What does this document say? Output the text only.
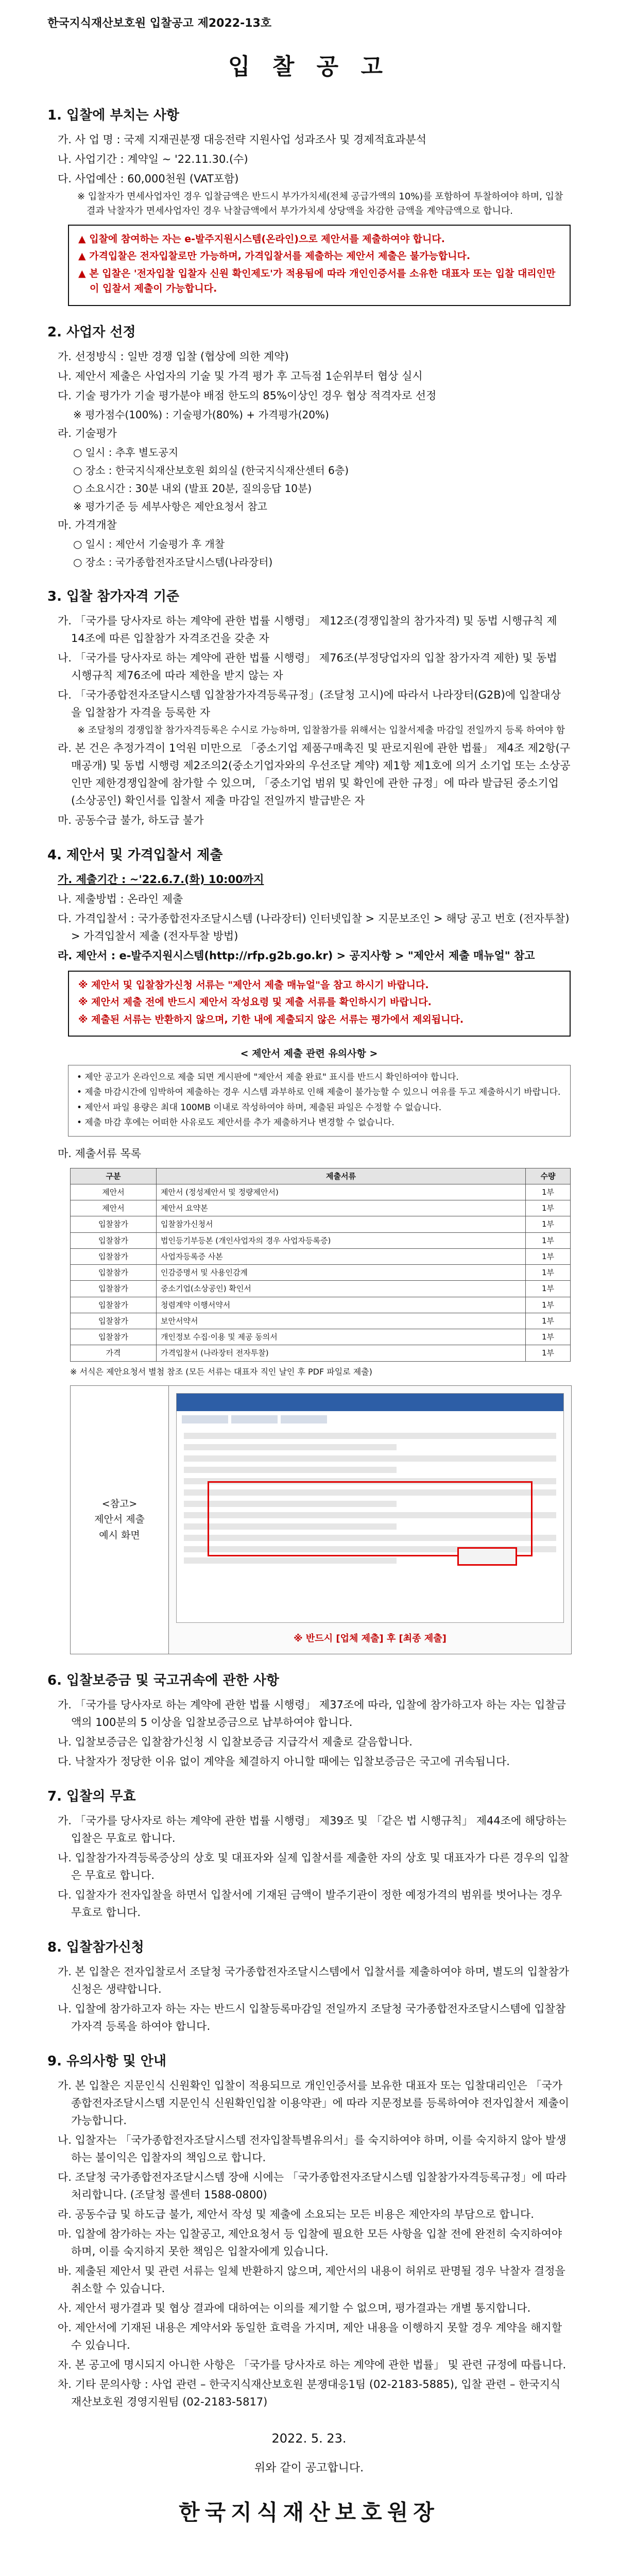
한국지식재산보호원 입찰공고 제2022-13호
입 찰 공 고
1. 입찰에 부치는 사항
가. 사 업 명 : 국제 지재권분쟁 대응전략 지원사업 성과조사 및 경제적효과분석
나. 사업기간 : 계약일 ~ '22.11.30.(수)
다. 사업예산 : 60,000천원 (VAT포함)
※ 입찰자가 면세사업자인 경우 입찰금액은 반드시 부가가치세(전체 공급가액의 10%)를 포함하여 투찰하여야 하며, 입찰결과 낙찰자가 면세사업자인 경우 낙찰금액에서 부가가치세 상당액을 차감한 금액을 계약금액으로 합니다.
▲ 입찰에 참여하는 자는 e-발주지원시스템(온라인)으로 제안서를 제출하여야 합니다.
▲ 가격입찰은 전자입찰로만 가능하며, 가격입찰서를 제출하는 제안서 제출은 불가능합니다.
▲ 본 입찰은 '전자입찰 입찰자 신원 확인제도'가 적용됨에 따라 개인인증서를 소유한 대표자 또는 입찰 대리인만이 입찰서 제출이 가능합니다.
2. 사업자 선정
가. 선정방식 : 일반 경쟁 입찰 (협상에 의한 계약)
나. 제안서 제출은 사업자의 기술 및 가격 평가 후 고득점 1순위부터 협상 실시
다. 기술 평가가 기술 평가분야 배점 한도의 85%이상인 경우 협상 적격자로 선정
※ 평가점수(100%) : 기술평가(80%) + 가격평가(20%)
라. 기술평가
○ 일시 : 추후 별도공지
○ 장소 : 한국지식재산보호원 회의실 (한국지식재산센터 6층)
○ 소요시간 : 30분 내외 (발표 20분, 질의응답 10분)
※ 평가기준 등 세부사항은 제안요청서 참고
마. 가격개찰
○ 일시 : 제안서 기술평가 후 개찰
○ 장소 : 국가종합전자조달시스템(나라장터)
3. 입찰 참가자격 기준
가. 「국가를 당사자로 하는 계약에 관한 법률 시행령」 제12조(경쟁입찰의 참가자격) 및 동법 시행규칙 제14조에 따른 입찰참가 자격조건을 갖춘 자
나. 「국가를 당사자로 하는 계약에 관한 법률 시행령」 제76조(부정당업자의 입찰 참가자격 제한) 및 동법 시행규칙 제76조에 따라 제한을 받지 않는 자
다. 「국가종합전자조달시스템 입찰참가자격등록규정」(조달청 고시)에 따라서 나라장터(G2B)에 입찰대상을 입찰참가 자격을 등록한 자
※ 조달청의 경쟁입찰 참가자격등록은 수시로 가능하며, 입찰참가를 위해서는 입찰서제출 마감일 전일까지 등록 하여야 함
라. 본 건은 추정가격이 1억원 미만으로 「중소기업 제품구매촉진 및 판로지원에 관한 법률」 제4조 제2항(구매공개) 및 동법 시행령 제2조의2(중소기업자와의 우선조달 계약) 제1항 제1호에 의거 소기업 또는 소상공인만 제한경쟁입찰에 참가할 수 있으며, 「중소기업 범위 및 확인에 관한 규정」에 따라 발급된 중소기업(소상공인) 확인서를 입찰서 제출 마감일 전일까지 발급받은 자
마. 공동수급 불가, 하도급 불가
4. 제안서 및 가격입찰서 제출
가. 제출기간 : ~'22.6.7.(화) 10:00까지
나. 제출방법 : 온라인 제출
다. 가격입찰서 : 국가종합전자조달시스템 (나라장터) 인터넷입찰 > 지문보조인 > 해당 공고 번호 (전자투찰) > 가격입찰서 제출 (전자투찰 방법)
라. 제안서 : e-발주지원시스템(http://rfp.g2b.go.kr) > 공지사항 > "제안서 제출 매뉴얼" 참고
※ 제안서 및 입찰참가신청 서류는 "제안서 제출 매뉴얼"을 참고 하시기 바랍니다.
※ 제안서 제출 전에 반드시 제안서 작성요령 및 제출 서류를 확인하시기 바랍니다.
※ 제출된 서류는 반환하지 않으며, 기한 내에 제출되지 않은 서류는 평가에서 제외됩니다.
< 제안서 제출 관련 유의사항 >
• 제안 공고가 온라인으로 제출 되면 게시판에 "제안서 제출 완료" 표시를 반드시 확인하여야 합니다.
• 제출 마감시간에 임박하여 제출하는 경우 시스템 과부하로 인해 제출이 불가능할 수 있으니 여유를 두고 제출하시기 바랍니다.
• 제안서 파일 용량은 최대 100MB 이내로 작성하여야 하며, 제출된 파일은 수정할 수 없습니다.
• 제출 마감 후에는 어떠한 사유로도 제안서를 추가 제출하거나 변경할 수 없습니다.
마. 제출서류 목록
구분	제출서류	수량
제안서	제안서 (정성제안서 및 정량제안서)	1부
제안서	제안서 요약본	1부
입찰참가	입찰참가신청서	1부
입찰참가	법인등기부등본 (개인사업자의 경우 사업자등록증)	1부
입찰참가	사업자등록증 사본	1부
입찰참가	인감증명서 및 사용인감계	1부
입찰참가	중소기업(소상공인) 확인서	1부
입찰참가	청렴계약 이행서약서	1부
입찰참가	보안서약서	1부
입찰참가	개인정보 수집·이용 및 제공 동의서	1부
가격	가격입찰서 (나라장터 전자투찰)	1부
※ 서식은 제안요청서 별첨 참조 (모든 서류는 대표자 직인 날인 후 PDF 파일로 제출)
<참고>
제안서 제출
예시 화면
※ 반드시 [업체 제출] 후 [최종 제출]
6. 입찰보증금 및 국고귀속에 관한 사항
가. 「국가를 당사자로 하는 계약에 관한 법률 시행령」 제37조에 따라, 입찰에 참가하고자 하는 자는 입찰금액의 100분의 5 이상을 입찰보증금으로 납부하여야 합니다.
나. 입찰보증금은 입찰참가신청 시 입찰보증금 지급각서 제출로 갈음합니다.
다. 낙찰자가 정당한 이유 없이 계약을 체결하지 아니할 때에는 입찰보증금은 국고에 귀속됩니다.
7. 입찰의 무효
가. 「국가를 당사자로 하는 계약에 관한 법률 시행령」 제39조 및 「같은 법 시행규칙」 제44조에 해당하는 입찰은 무효로 합니다.
나. 입찰참가자격등록증상의 상호 및 대표자와 실제 입찰서를 제출한 자의 상호 및 대표자가 다른 경우의 입찰은 무효로 합니다.
다. 입찰자가 전자입찰을 하면서 입찰서에 기재된 금액이 발주기관이 정한 예정가격의 범위를 벗어나는 경우 무효로 합니다.
8. 입찰참가신청
가. 본 입찰은 전자입찰로서 조달청 국가종합전자조달시스템에서 입찰서를 제출하여야 하며, 별도의 입찰참가신청은 생략합니다.
나. 입찰에 참가하고자 하는 자는 반드시 입찰등록마감일 전일까지 조달청 국가종합전자조달시스템에 입찰참가자격 등록을 하여야 합니다.
9. 유의사항 및 안내
가. 본 입찰은 지문인식 신원확인 입찰이 적용되므로 개인인증서를 보유한 대표자 또는 입찰대리인은 「국가종합전자조달시스템 지문인식 신원확인입찰 이용약관」에 따라 지문정보를 등록하여야 전자입찰서 제출이 가능합니다.
나. 입찰자는 「국가종합전자조달시스템 전자입찰특별유의서」를 숙지하여야 하며, 이를 숙지하지 않아 발생하는 불이익은 입찰자의 책임으로 합니다.
다. 조달청 국가종합전자조달시스템 장애 시에는 「국가종합전자조달시스템 입찰참가자격등록규정」에 따라 처리합니다. (조달청 콜센터 1588-0800)
라. 공동수급 및 하도급 불가, 제안서 작성 및 제출에 소요되는 모든 비용은 제안자의 부담으로 합니다.
마. 입찰에 참가하는 자는 입찰공고, 제안요청서 등 입찰에 필요한 모든 사항을 입찰 전에 완전히 숙지하여야 하며, 이를 숙지하지 못한 책임은 입찰자에게 있습니다.
바. 제출된 제안서 및 관련 서류는 일체 반환하지 않으며, 제안서의 내용이 허위로 판명될 경우 낙찰자 결정을 취소할 수 있습니다.
사. 제안서 평가결과 및 협상 결과에 대하여는 이의를 제기할 수 없으며, 평가결과는 개별 통지합니다.
아. 제안서에 기재된 내용은 계약서와 동일한 효력을 가지며, 제안 내용을 이행하지 못할 경우 계약을 해지할 수 있습니다.
자. 본 공고에 명시되지 아니한 사항은 「국가를 당사자로 하는 계약에 관한 법률」 및 관련 규정에 따릅니다.
차. 기타 문의사항 : 사업 관련 – 한국지식재산보호원 분쟁대응1팀 (02-2183-5885), 입찰 관련 – 한국지식재산보호원 경영지원팀 (02-2183-5817)
2022. 5. 23.
위와 같이 공고합니다.
한국지식재산보호원장
